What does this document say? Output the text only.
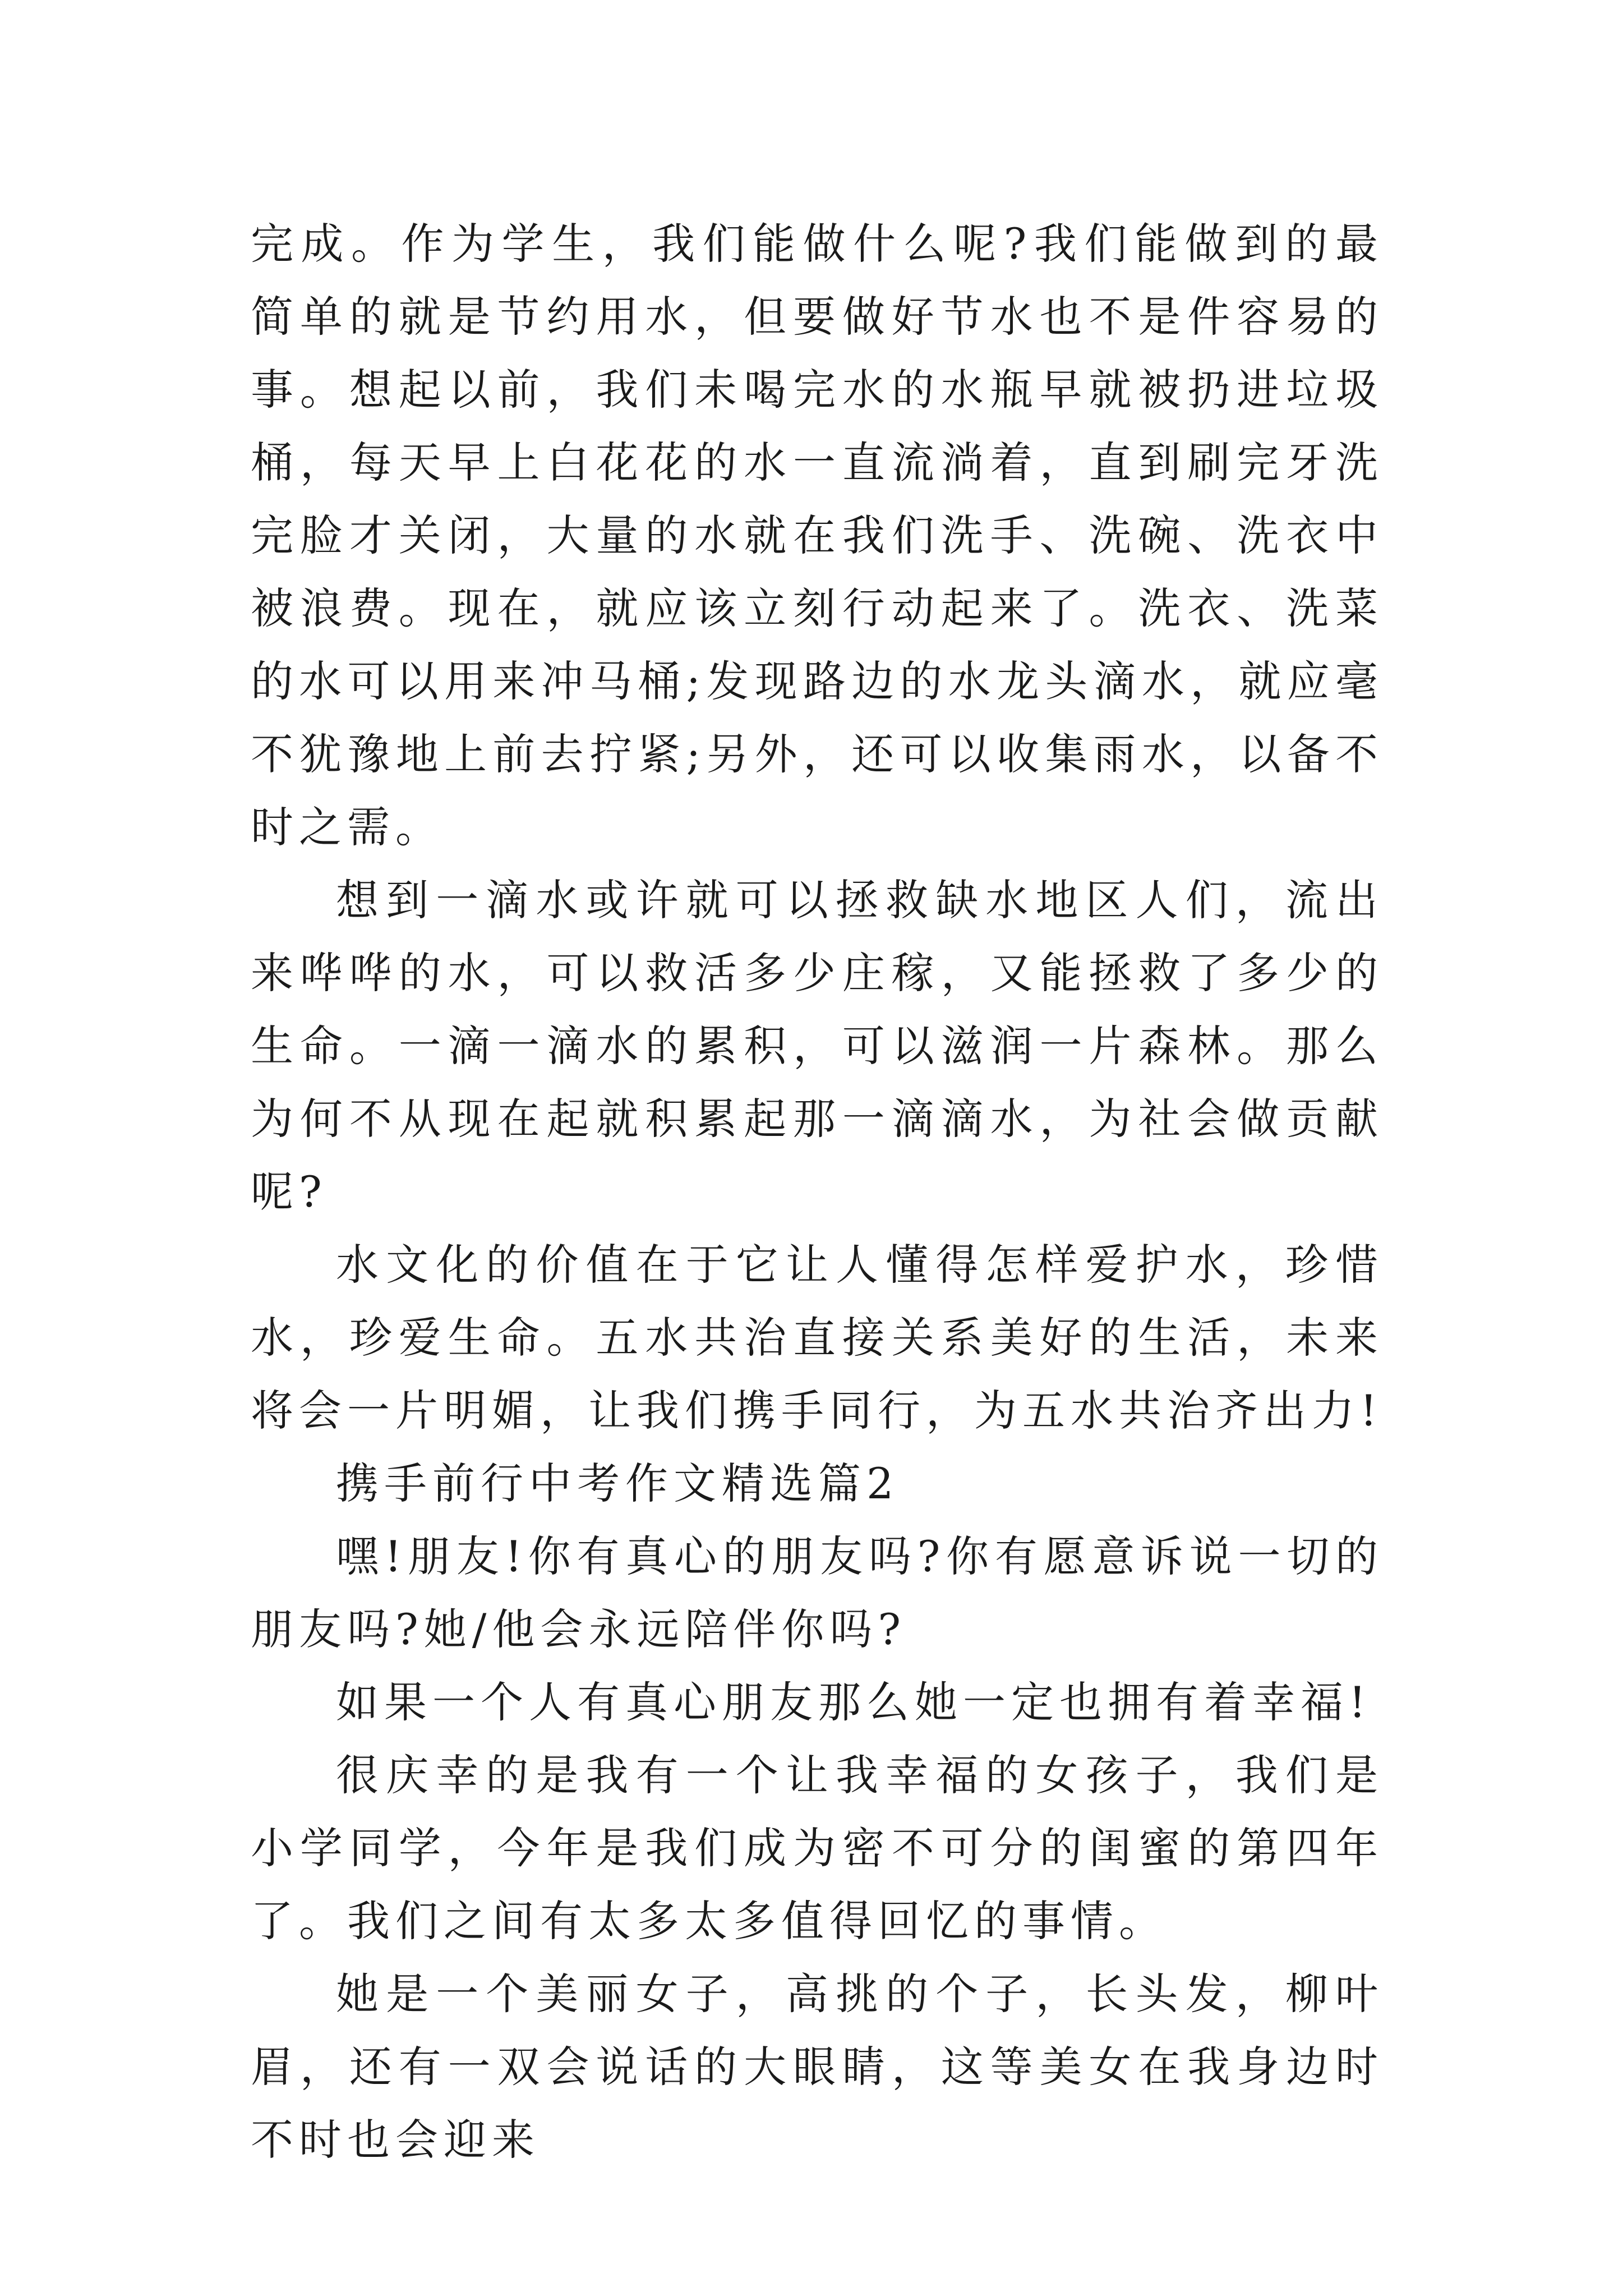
完成。作为学生，我们能做什么呢?我们能做到的最简单的就是节约用水，但要做好节水也不是件容易的事。想起以前，我们未喝完水的水瓶早就被扔进垃圾桶，每天早上白花花的水一直流淌着，直到刷完牙洗完脸才关闭，大量的水就在我们洗手、洗碗、洗衣中被浪费。现在，就应该立刻行动起来了。洗衣、洗菜的水可以用来冲马桶;发现路边的水龙头滴水，就应毫不犹豫地上前去拧紧;另外，还可以收集雨水，以备不时之需。

想到一滴水或许就可以拯救缺水地区人们，流出来哗哗的水，可以救活多少庄稼，又能拯救了多少的生命。一滴一滴水的累积，可以滋润一片森林。那么为何不从现在起就积累起那一滴滴水，为社会做贡献呢?

水文化的价值在于它让人懂得怎样爱护水，珍惜水，珍爱生命。五水共治直接关系美好的生活，未来将会一片明媚，让我们携手同行，为五水共治齐出力!

携手前行中考作文精选篇2

嘿!朋友!你有真心的朋友吗?你有愿意诉说一切的朋友吗?她/他会永远陪伴你吗?

如果一个人有真心朋友那么她一定也拥有着幸福!

很庆幸的是我有一个让我幸福的女孩子，我们是小学同学，今年是我们成为密不可分的闺蜜的第四年了。我们之间有太多太多值得回忆的事情。

她是一个美丽女子，高挑的个子，长头发，柳叶眉，还有一双会说话的大眼睛，这等美女在我身边时不时也会迎来
